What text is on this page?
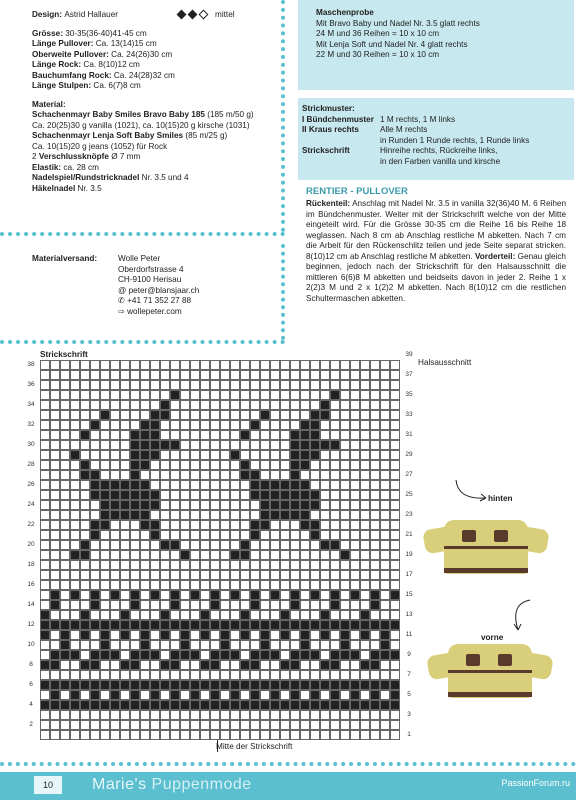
Design:
Astrid Hallauer	mittel
Grösse: 30-35(36-40)41-45 cm
Länge Pullover: Ca. 13(14)15 cm
Oberweite Pullover: Ca. 24(26)30 cm
Länge Rock: Ca. 8(10)12 cm
Bauchumfang Rock: Ca. 24(28)32 cm
Länge Stulpen: Ca. 6(7)8 cm
Material:
Schachenmayr Baby Smiles Bravo Baby 185 (185 m/50 g)
Ca. 20(25)30 g vanilla (1021), ca. 10(15)20 g kirsche (1031)
Schachenmayr Lenja Soft Baby Smiles (85 m/25 g)
Ca. 10(15)20 g jeans (1052) für Rock
2 Verschlussknöpfe Ø 7 mm
Elastik: ca. 28 cm
Nadelspiel/Rundstricknadel Nr. 3.5 und 4
Häkelnadel Nr. 3.5
Materialversand:	Wolle Peter
Oberdorfstrasse 4
CH-9100 Herisau
@ peter@blansjaar.ch
✆ +41 71 352 27 88
⇨ wollepeter.com
Maschenprobe
Mit Bravo Baby und Nadel Nr. 3.5 glatt rechts
24 M und 36 Reihen = 10 x 10 cm
Mit Lenja Soft und Nadel Nr. 4 glatt rechts
22 M und 30 Reihen = 10 x 10 cm
Strickmuster:
I Bündchenmuster 1 M rechts, 1 M links
II Kraus rechts	Alle M rechts
in Runden 1 Runde rechts, 1 Runde links
Strickschrift	Hinreihe rechts, Rückreihe links,
in den Farben vanilla und kirsche
RENTIER - PULLOVER
Rückenteil: Anschlag mit Nadel Nr. 3.5 in vanilla 32(36)40 M. 6 Reihen im Bündchenmuster. Weiter mit der Strickschrift welche von der Mitte eingeteilt wird. Für die Grösse 30-35 cm die Reihe 16 bis Reihe 18 weglassen. Nach 8 cm ab Anschlag restliche M abketten. Nach 7 cm die Arbeit für den Rückenschlitz teilen und jede Seite separat stricken. 8(10)12 cm ab Anschlag restliche M abketten. Vorderteil: Genau gleich beginnen, jedoch nach der Strickschrift für den Halsausschnitt die mittleren 6(6)8 M abketten und beidseits davon in jeder 2. Reihe 1 x 2(2)3 M und 2 x 1(2)2 M abketten. Nach 8(10)12 cm die restlichen Schultermaschen abketten.
Strickschrift
Halsausschnitt
38
36
34
32
30
28
26
24
22
20
18
16
14
12
10
8
6
4
2
39
37
35
33
31
29
27
25
23
21
19
17
15
13
11
9
7
5
3
1
Mitte der Strickschrift
hinten
vorne
10	Marie's Puppenmode	PassionForum.ru
